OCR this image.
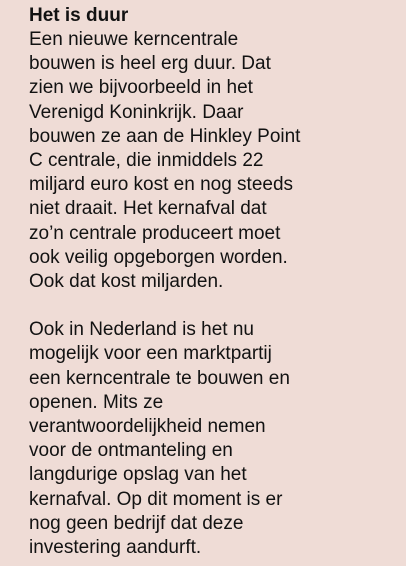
Het is duur

Een nieuwe kerncentrale
bouwen is heel erg duur. Dat
zien we bijvoorbeeld in het
Verenigd Koninkrijk. Daar
bouwen ze aan de Hinkley Point
C centrale, die inmiddels 22
miljard euro kost en nog steeds
niet draait. Het kernafval dat
zo’n centrale produceert moet
ook veilig opgeborgen worden.
Ook dat kost miljarden.

Ook in Nederland is het nu
mogelijk voor een marktpartij
een kerncentrale te bouwen en
openen. Mits ze
verantwoordelijkheid nemen
voor de ontmanteling en
langdurige opslag van het
kernafval. Op dit moment is er
nog geen bedrijf dat deze
investering aandurft.
